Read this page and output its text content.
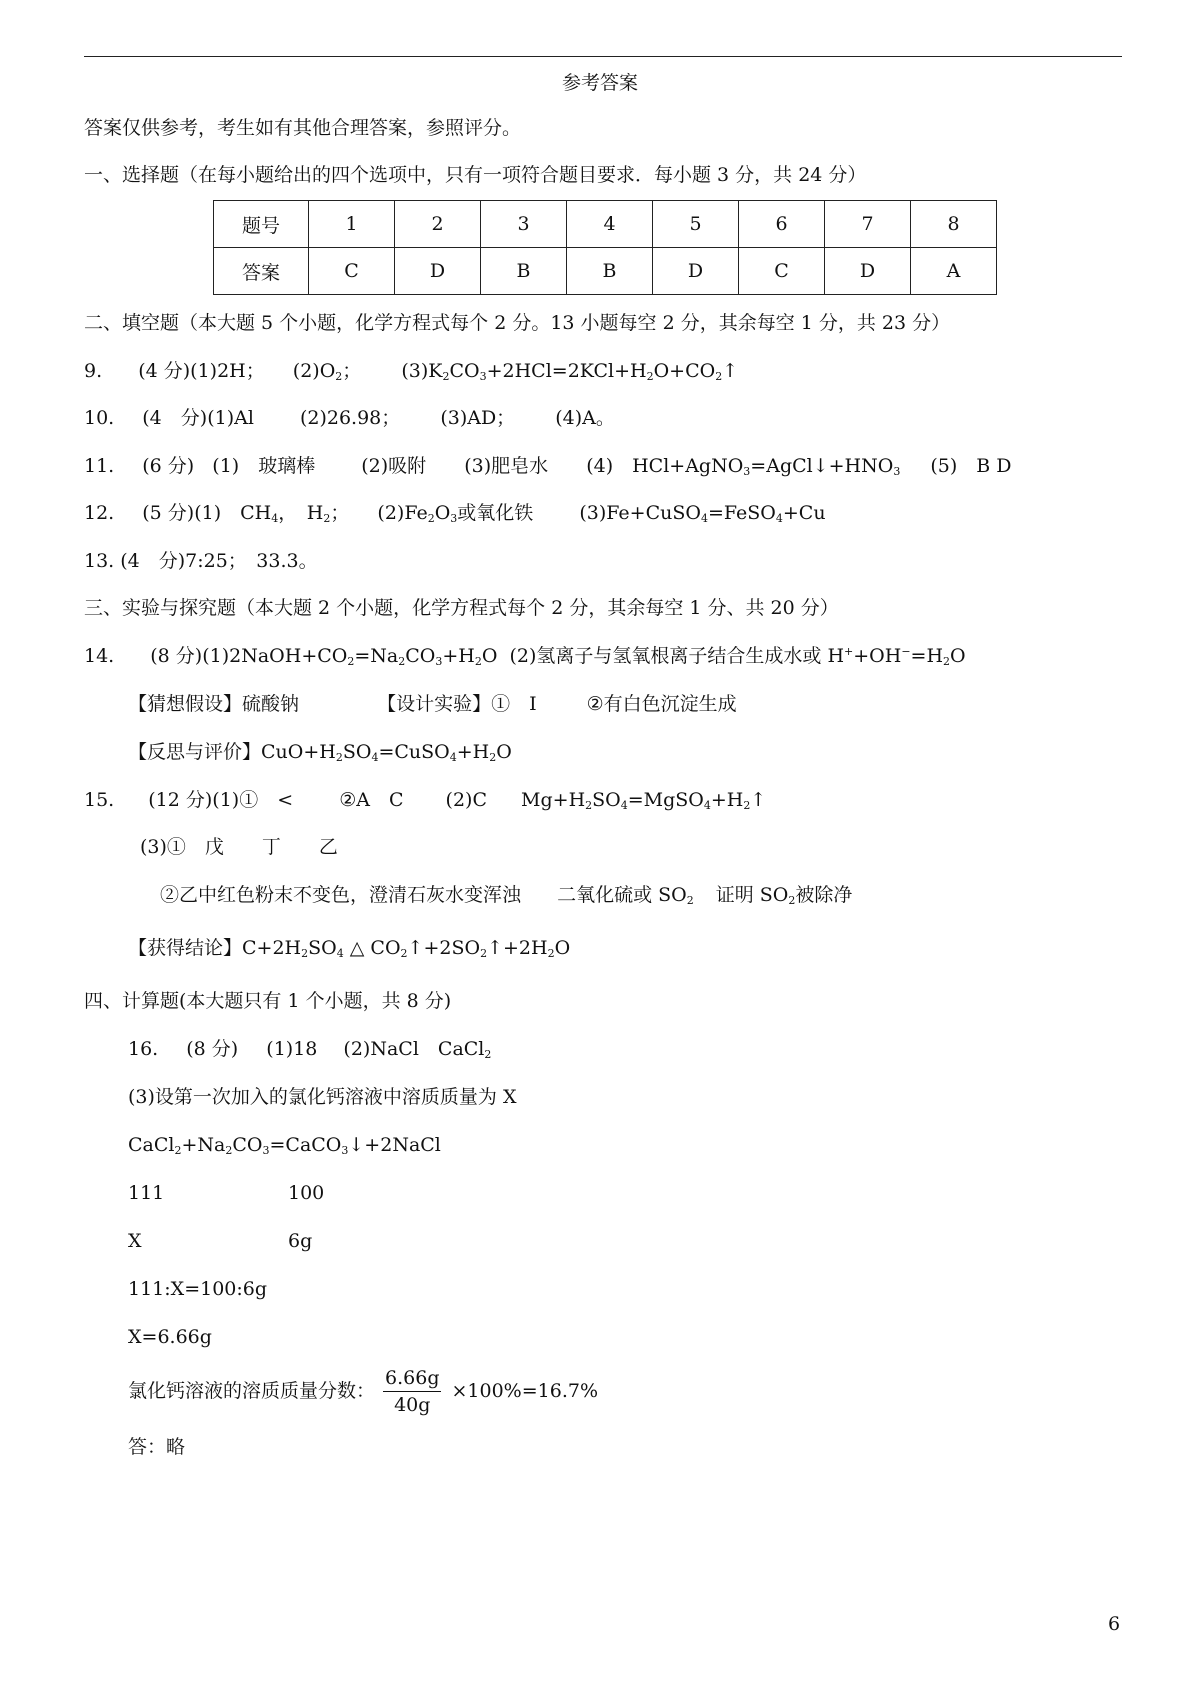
参考答案
答案仅供参考，考生如有其他合理答案，参照评分。
一、选择题（在每小题给出的四个选项中，只有一项符合题目要求．每小题 3 分，共 24 分）
题号	1	2	3	4	5	6	7	8
答案	C	D	B	B	D	C	D	A
二、填空题（本大题 5 个小题，化学方程式每个 2 分。13 小题每空 2 分，其余每空 1 分，共 23 分）
9. (4 分)(1)2H； $(2)O_2$； $(3)K_2CO_3+2HCl=2KCl+H_2O+CO_2↑$
10. (4　分)(1)Al (2)26.98； (3)AD； (4)A。
11. (6 分) (1)　玻璃棒 (2)吸附 (3)肥皂水 (4)　$HCl+AgNO_3=AgCl↓+HNO_3$ (5)　B D
12. (5 分)(1)　$CH_4$，　$H_2$； $(2)Fe_2O_3$或氧化铁 (3)Fe+CuSO$_4$=FeSO$_4$+Cu
13. (4　分)7:25；　33.3。
三、实验与探究题（本大题 2 个小题，化学方程式每个 2 分，其余每空 1 分、共 20 分）
14. (8 分)$(1)2NaOH+CO_2=Na_2CO_3+H_2O$ (2)氢离子与氢氧根离子结合生成水或 $H^++OH^-=H_2O$
【猜想假设】硫酸钠	【设计实验】①　I	②有白色沉淀生成
【反思与评价】$CuO+H_2SO_4=CuSO_4+H_2O$
15. (12 分)(1)①　< ②A　C (2)C $Mg+H_2SO_4=MgSO_4+H_2↑$
(3)①　戊　　丁　　乙
②乙中红色粉末不变色，澄清石灰水变浑浊 二氧化硫或 $SO_2$ 证明 $SO_2$被除净
【获得结论】$C+2H_2SO_4$ △ $CO_2↑+2SO_2↑+2H_2O$
四、计算题(本大题只有 1 个小题，共 8 分)
16. (8 分) (1)18 (2)NaCl　CaCl$_2$
(3)设第一次加入的氯化钙溶液中溶质质量为 X
$CaCl_2+Na_2CO_3=CaCO_3↓+2NaCl$
111	100
X	6g
111:X=100:6g
X=6.66g
氯化钙溶液的溶质质量分数： $\frac{6.66g}{40g} \times 100\%=16.7\%$
答：略
6
